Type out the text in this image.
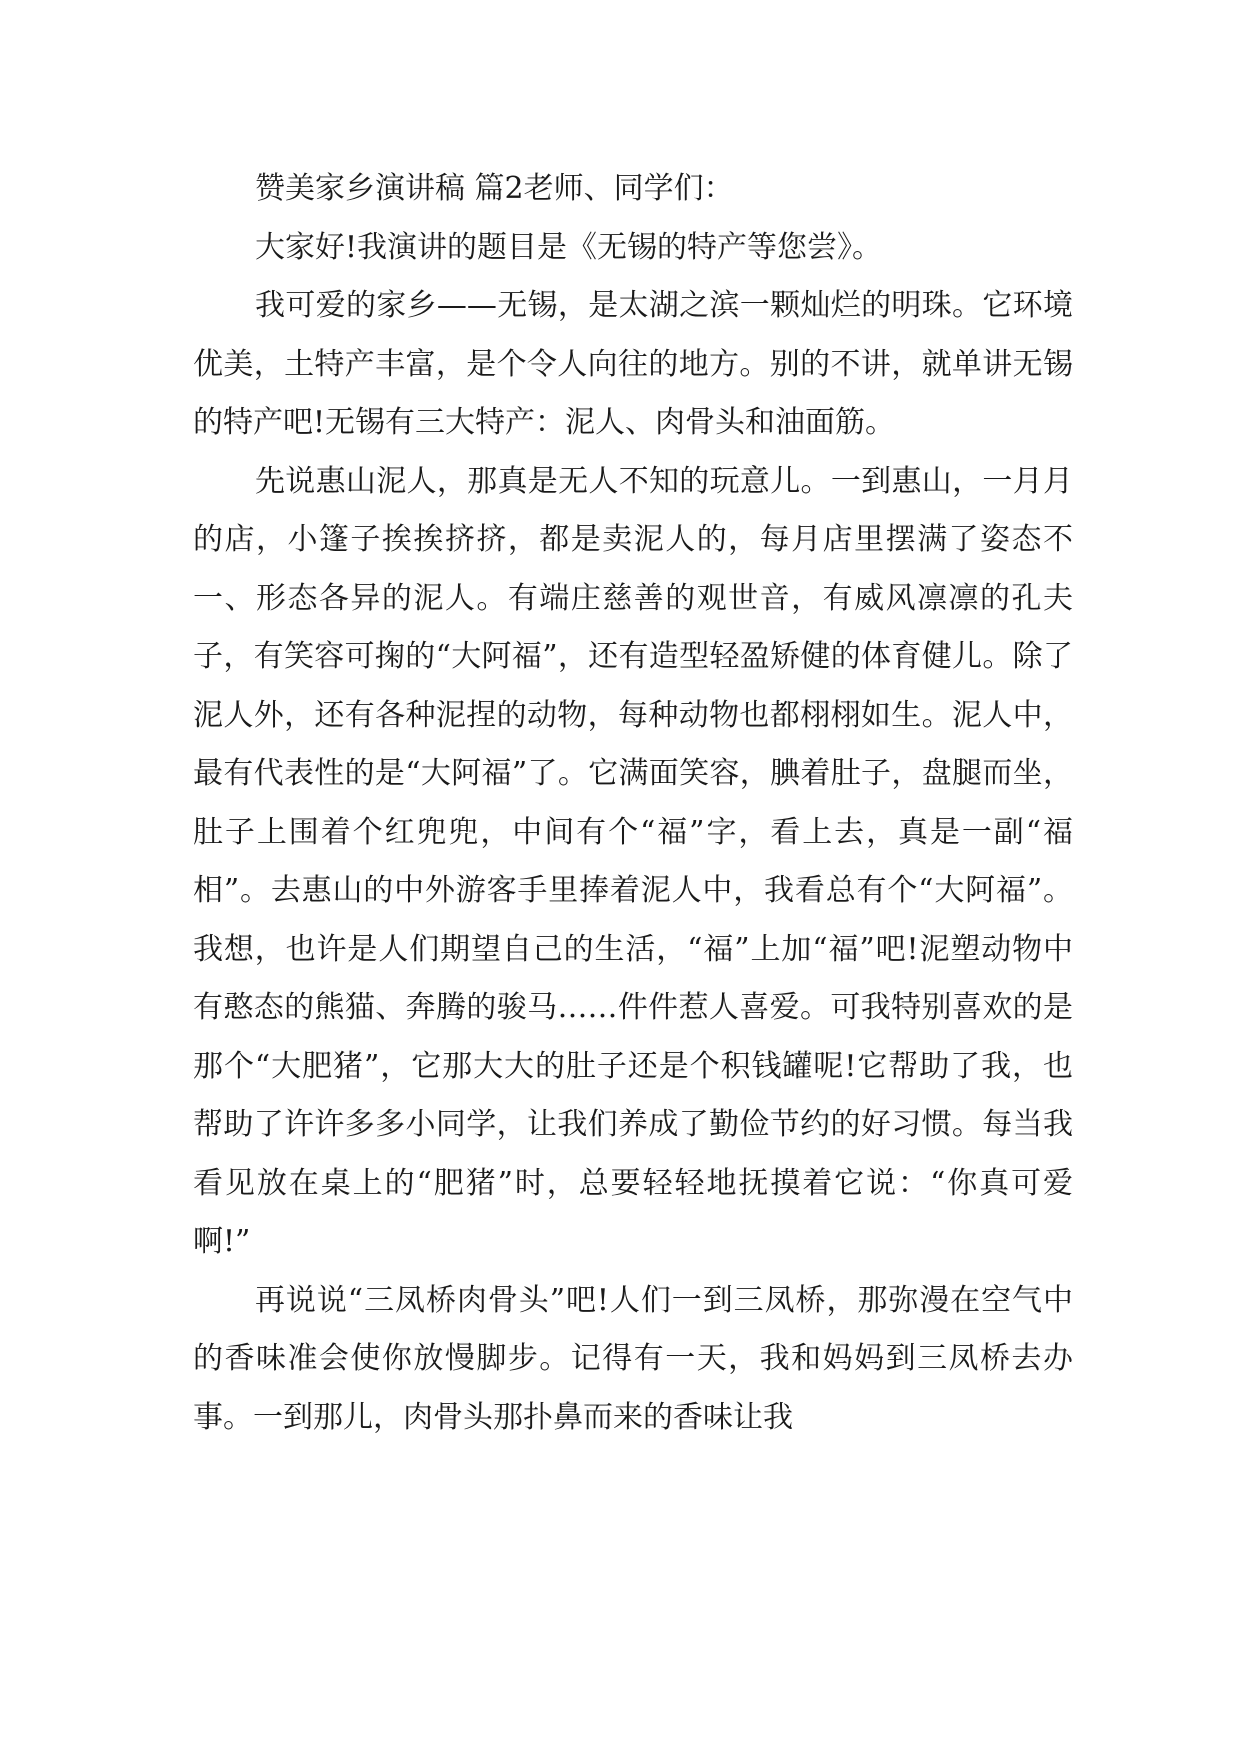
赞美家乡演讲稿 篇2老师、同学们：

大家好!我演讲的题目是《无锡的特产等您尝》。

我可爱的家乡——无锡，是太湖之滨一颗灿烂的明珠。它环境优美，土特产丰富，是个令人向往的地方。别的不讲，就单讲无锡的特产吧!无锡有三大特产：泥人、肉骨头和油面筋。

先说惠山泥人，那真是无人不知的玩意儿。一到惠山，一月月的店，小篷子挨挨挤挤，都是卖泥人的，每月店里摆满了姿态不一、形态各异的泥人。有端庄慈善的观世音，有威风凛凛的孔夫子，有笑容可掬的“大阿福”，还有造型轻盈矫健的体育健儿。除了泥人外，还有各种泥捏的动物，每种动物也都栩栩如生。泥人中，最有代表性的是“大阿福”了。它满面笑容，腆着肚子，盘腿而坐，肚子上围着个红兜兜，中间有个“福”字，看上去，真是一副“福相”。去惠山的中外游客手里捧着泥人中，我看总有个“大阿福”。我想，也许是人们期望自己的生活，“福”上加“福”吧!泥塑动物中有憨态的熊猫、奔腾的骏马……件件惹人喜爱。可我特别喜欢的是那个“大肥猪”，它那大大的肚子还是个积钱罐呢!它帮助了我，也帮助了许许多多小同学，让我们养成了勤俭节约的好习惯。每当我看见放在桌上的“肥猪”时，总要轻轻地抚摸着它说：“你真可爱啊!”

再说说“三凤桥肉骨头”吧!人们一到三凤桥，那弥漫在空气中的香味准会使你放慢脚步。记得有一天，我和妈妈到三凤桥去办事。一到那儿，肉骨头那扑鼻而来的香味让我
